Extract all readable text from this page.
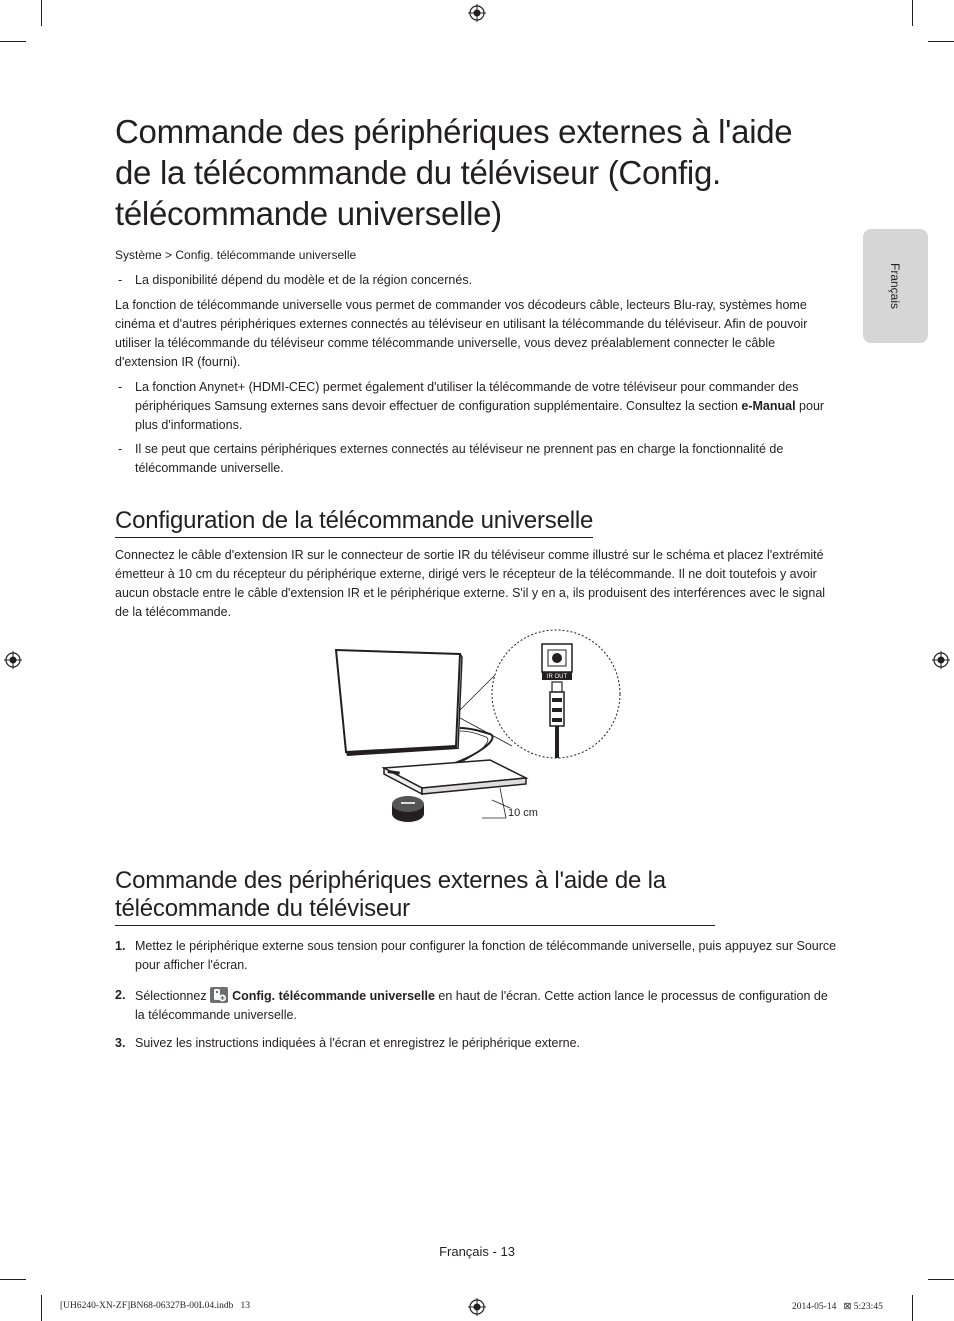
Français
Commande des périphériques externes à l'aide de la télécommande du téléviseur (Config. télécommande universelle)
Système > Config. télécommande universelle
- La disponibilité dépend du modèle et de la région concernés.

La fonction de télécommande universelle vous permet de commander vos décodeurs câble, lecteurs Blu-ray, systèmes home cinéma et d'autres périphériques externes connectés au téléviseur en utilisant la télécommande du téléviseur. Afin de pouvoir utiliser la télécommande du téléviseur comme télécommande universelle, vous devez préalablement connecter le câble d'extension IR (fourni).

- La fonction Anynet+ (HDMI-CEC) permet également d'utiliser la télécommande de votre téléviseur pour commander des périphériques Samsung externes sans devoir effectuer de configuration supplémentaire. Consultez la section e-Manual pour plus d'informations.
- Il se peut que certains périphériques externes connectés au téléviseur ne prennent pas en charge la fonctionnalité de télécommande universelle.
Configuration de la télécommande universelle

Connectez le câble d'extension IR sur le connecteur de sortie IR du téléviseur comme illustré sur le schéma et placez l'extrémité émetteur à 10 cm du récepteur du périphérique externe, dirigé vers le récepteur de la télécommande. Il ne doit toutefois y avoir aucun obstacle entre le câble d'extension IR et le périphérique externe. S'il y en a, ils produisent des interférences avec le signal de la télécommande.

10 cm
IR OUT
Commande des périphériques externes à l'aide de la télécommande du téléviseur
1. Mettez le périphérique externe sous tension pour configurer la fonction de télécommande universelle, puis appuyez sur Source pour afficher l'écran.
2. Sélectionnez Config. télécommande universelle en haut de l'écran. Cette action lance le processus de configuration de la télécommande universelle.
3. Suivez les instructions indiquées à l'écran et enregistrez le périphérique externe.
Français - 13
[UH6240-XN-ZF]BN68-06327B-00L04.indb   13	2014-05-14   ⊠ 5:23:45
